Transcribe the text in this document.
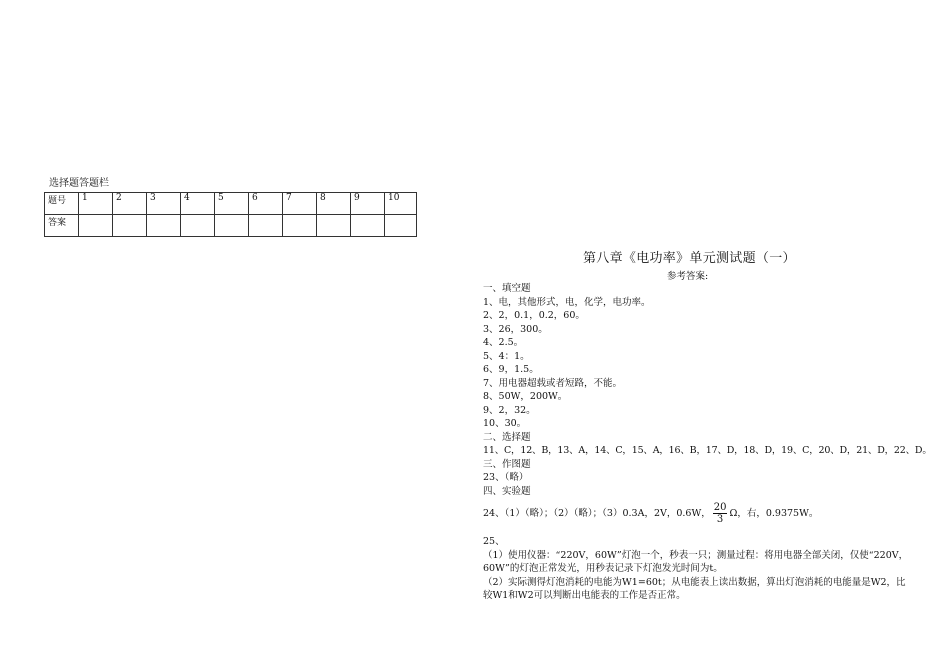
选择题答题栏
题号	1	2	3	4	5	6	7	8	9	10
答案										
第八章《电功率》单元测试题（一）
参考答案:
一、填空题
1、电，其他形式，电，化学，电功率。
2、2，0.1，0.2，60。
3、26，300。
4、2.5。
5、4：1。
6、9，1.5。
7、用电器超载或者短路，不能。
8、50W，200W。
9、2，32。
10、30。
二、选择题
11、C，12、B，13、A，14、C，15、A，16、B，17、D，18、D，19、C，20、D，21、D，22、D。
三、作图题
23、（略）
四、实验题
24、（1）（略）；（2）（略）；（3）0.3A，2V，0.6W， $\frac{20}{3}$ Ω，右，0.9375W。
25、
（1）使用仪器：“220V，60W”灯泡一个，秒表一只；测量过程：将用电器全部关闭，仅使“220V，60W”的灯泡正常发光，用秒表记录下灯泡发光时间为t。
（2）实际测得灯泡消耗的电能为W1=60t；从电能表上读出数据，算出灯泡消耗的电能量是W2，比较W1和W2可以判断出电能表的工作是否正常。
